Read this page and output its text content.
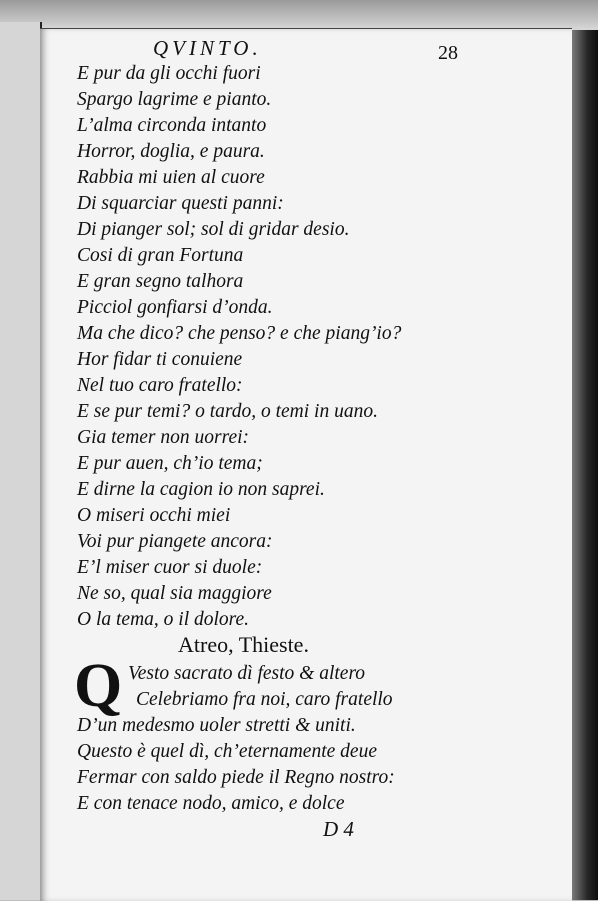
QVINTO.	28
E pur da gli occhi fuori
Spargo lagrime e pianto.
L’alma circonda intanto
Horror, doglia, e paura.
Rabbia mi uien al cuore
Di squarciar questi panni:
Di pianger sol; sol di gridar desio.
Cosi di gran Fortuna
E gran segno talhora
Picciol gonfiarsi d’onda.
Ma che dico? che penso? e che piang’io?
Hor fidar ti conuiene
Nel tuo caro fratello:
E se pur temi? o tardo, o temi in uano.
Gia temer non uorrei:
E pur auen, ch’io tema;
E dirne la cagion io non saprei.
O miseri occhi miei
Voi pur piangete ancora:
E’l miser cuor si duole:
Ne so, qual sia maggiore
O la tema, o il dolore.
Atreo, Thieste.
Q Vesto sacrato dì festo & altero
Celebriamo fra noi, caro fratello
D’un medesmo uoler stretti & uniti.
Questo è quel dì, ch’eternamente deue
Fermar con saldo piede il Regno nostro:
E con tenace nodo, amico, e dolce
D 4
